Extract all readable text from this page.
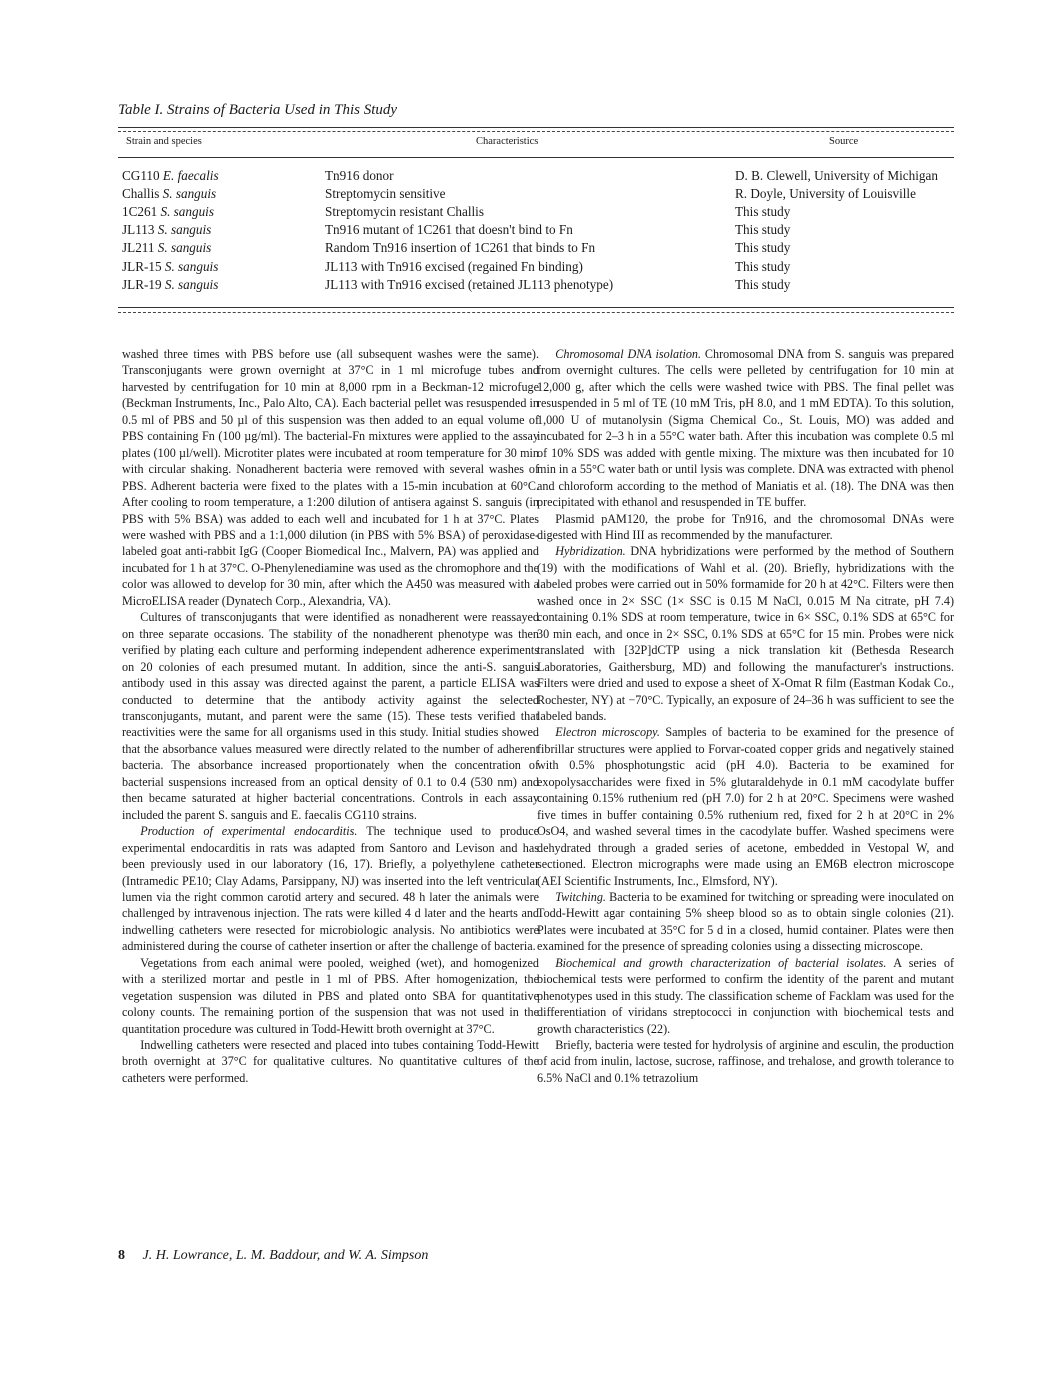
Table I. Strains of Bacteria Used in This Study
Strain and species	Characteristics	Source
CG110 E. faecalis	Tn916 donor	D. B. Clewell, University of Michigan
Challis S. sanguis	Streptomycin sensitive	R. Doyle, University of Louisville
1C261 S. sanguis	Streptomycin resistant Challis	This study
JL113 S. sanguis	Tn916 mutant of 1C261 that doesn't bind to Fn	This study
JL211 S. sanguis	Random Tn916 insertion of 1C261 that binds to Fn	This study
JLR-15 S. sanguis	JL113 with Tn916 excised (regained Fn binding)	This study
JLR-19 S. sanguis	JL113 with Tn916 excised (retained JL113 phenotype)	This study

washed three times with PBS before use (all subsequent washes were the same). Transconjugants were grown overnight at 37°C in 1 ml microfuge tubes and harvested by centrifugation for 10 min at 8,000 rpm in a Beckman-12 microfuge (Beckman Instruments, Inc., Palo Alto, CA). Each bacterial pellet was resuspended in 0.5 ml of PBS and 50 µl of this suspension was then added to an equal volume of PBS containing Fn (100 µg/ml). The bacterial-Fn mixtures were applied to the assay plates (100 µl/well). Microtiter plates were incubated at room temperature for 30 min with circular shaking. Nonadherent bacteria were removed with several washes of PBS. Adherent bacteria were fixed to the plates with a 15-min incubation at 60°C. After cooling to room temperature, a 1:200 dilution of antisera against S. sanguis (in PBS with 5% BSA) was added to each well and incubated for 1 h at 37°C. Plates were washed with PBS and a 1:1,000 dilution (in PBS with 5% BSA) of peroxidase-labeled goat anti-rabbit IgG (Cooper Biomedical Inc., Malvern, PA) was applied and incubated for 1 h at 37°C. O-Phenylenediamine was used as the chromophore and the color was allowed to develop for 30 min, after which the A450 was measured with a MicroELISA reader (Dynatech Corp., Alexandria, VA).

Cultures of transconjugants that were identified as nonadherent were reassayed on three separate occasions. The stability of the nonadherent phenotype was then verified by plating each culture and performing independent adherence experiments on 20 colonies of each presumed mutant. In addition, since the anti-S. sanguis antibody used in this assay was directed against the parent, a particle ELISA was conducted to determine that the antibody activity against the selected transconjugants, mutant, and parent were the same (15). These tests verified that reactivities were the same for all organisms used in this study. Initial studies showed that the absorbance values measured were directly related to the number of adherent bacteria. The absorbance increased proportionately when the concentration of bacterial suspensions increased from an optical density of 0.1 to 0.4 (530 nm) and then became saturated at higher bacterial concentrations. Controls in each assay included the parent S. sanguis and E. faecalis CG110 strains.

Production of experimental endocarditis. The technique used to produce experimental endocarditis in rats was adapted from Santoro and Levison and has been previously used in our laboratory (16, 17). Briefly, a polyethylene catheter (Intramedic PE10; Clay Adams, Parsippany, NJ) was inserted into the left ventricular lumen via the right common carotid artery and secured. 48 h later the animals were challenged by intravenous injection. The rats were killed 4 d later and the hearts and indwelling catheters were resected for microbiologic analysis. No antibiotics were administered during the course of catheter insertion or after the challenge of bacteria.

Vegetations from each animal were pooled, weighed (wet), and homogenized with a sterilized mortar and pestle in 1 ml of PBS. After homogenization, the vegetation suspension was diluted in PBS and plated onto SBA for quantitative colony counts. The remaining portion of the suspension that was not used in the quantitation procedure was cultured in Todd-Hewitt broth overnight at 37°C.

Indwelling catheters were resected and placed into tubes containing Todd-Hewitt broth overnight at 37°C for qualitative cultures. No quantitative cultures of the catheters were performed.

Chromosomal DNA isolation. Chromosomal DNA from S. sanguis was prepared from overnight cultures. The cells were pelleted by centrifugation for 10 min at 12,000 g, after which the cells were washed twice with PBS. The final pellet was resuspended in 5 ml of TE (10 mM Tris, pH 8.0, and 1 mM EDTA). To this solution, 1,000 U of mutanolysin (Sigma Chemical Co., St. Louis, MO) was added and incubated for 2–3 h in a 55°C water bath. After this incubation was complete 0.5 ml of 10% SDS was added with gentle mixing. The mixture was then incubated for 10 min in a 55°C water bath or until lysis was complete. DNA was extracted with phenol and chloroform according to the method of Maniatis et al. (18). The DNA was then precipitated with ethanol and resuspended in TE buffer.

Plasmid pAM120, the probe for Tn916, and the chromosomal DNAs were digested with Hind III as recommended by the manufacturer.

Hybridization. DNA hybridizations were performed by the method of Southern (19) with the modifications of Wahl et al. (20). Briefly, hybridizations with the labeled probes were carried out in 50% formamide for 20 h at 42°C. Filters were then washed once in 2× SSC (1× SSC is 0.15 M NaCl, 0.015 M Na citrate, pH 7.4) containing 0.1% SDS at room temperature, twice in 6× SSC, 0.1% SDS at 65°C for 30 min each, and once in 2× SSC, 0.1% SDS at 65°C for 15 min. Probes were nick translated with [32P]dCTP using a nick translation kit (Bethesda Research Laboratories, Gaithersburg, MD) and following the manufacturer's instructions. Filters were dried and used to expose a sheet of X-Omat R film (Eastman Kodak Co., Rochester, NY) at −70°C. Typically, an exposure of 24–36 h was sufficient to see the labeled bands.

Electron microscopy. Samples of bacteria to be examined for the presence of fibrillar structures were applied to Forvar-coated copper grids and negatively stained with 0.5% phosphotungstic acid (pH 4.0). Bacteria to be examined for exopolysaccharides were fixed in 5% glutaraldehyde in 0.1 mM cacodylate buffer containing 0.15% ruthenium red (pH 7.0) for 2 h at 20°C. Specimens were washed five times in buffer containing 0.5% ruthenium red, fixed for 2 h at 20°C in 2% OsO4, and washed several times in the cacodylate buffer. Washed specimens were dehydrated through a graded series of acetone, embedded in Vestopal W, and sectioned. Electron micrographs were made using an EM6B electron microscope (AEI Scientific Instruments, Inc., Elmsford, NY).

Twitching. Bacteria to be examined for twitching or spreading were inoculated on Todd-Hewitt agar containing 5% sheep blood so as to obtain single colonies (21). Plates were incubated at 35°C for 5 d in a closed, humid container. Plates were then examined for the presence of spreading colonies using a dissecting microscope.

Biochemical and growth characterization of bacterial isolates. A series of biochemical tests were performed to confirm the identity of the parent and mutant phenotypes used in this study. The classification scheme of Facklam was used for the differentiation of viridans streptococci in conjunction with biochemical tests and growth characteristics (22).

Briefly, bacteria were tested for hydrolysis of arginine and esculin, the production of acid from inulin, lactose, sucrose, raffinose, and trehalose, and growth tolerance to 6.5% NaCl and 0.1% tetrazolium

8 J. H. Lowrance, L. M. Baddour, and W. A. Simpson
